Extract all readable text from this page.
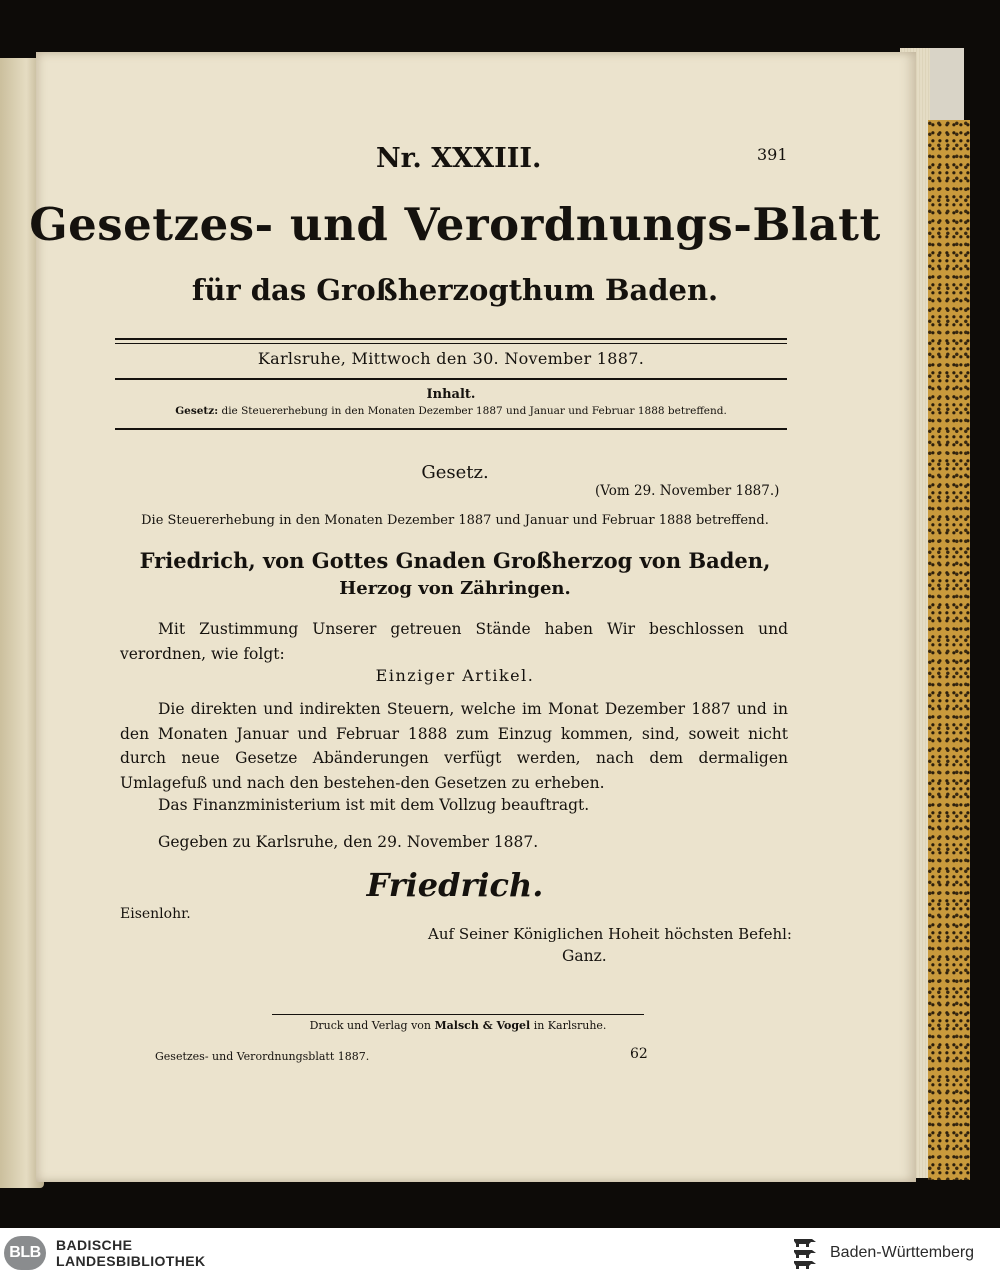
Nr. XXXIII.	391
Gesetzes- und Verordnungs-Blatt
für das Großherzogthum Baden.
Karlsruhe, Mittwoch den 30. November 1887.
Inhalt.
Gesetz: die Steuererhebung in den Monaten Dezember 1887 und Januar und Februar 1888 betreffend.
Gesetz.
(Vom 29. November 1887.)
Die Steuererhebung in den Monaten Dezember 1887 und Januar und Februar 1888 betreffend.
Friedrich, von Gottes Gnaden Großherzog von Baden,
Herzog von Zähringen.
Mit Zustimmung Unserer getreuen Stände haben Wir beschlossen und verordnen, wie folgt:
Einziger Artikel.
Die direkten und indirekten Steuern, welche im Monat Dezember 1887 und in den Monaten Januar und Februar 1888 zum Einzug kommen, sind, soweit nicht durch neue Gesetze Abänderungen verfügt werden, nach dem dermaligen Umlagefuß und nach den bestehen-den Gesetzen zu erheben.
Das Finanzministerium ist mit dem Vollzug beauftragt.
Gegeben zu Karlsruhe, den 29. November 1887.
Friedrich.
Eisenlohr.
Auf Seiner Königlichen Hoheit höchsten Befehl:
Ganz.
Druck und Verlag von Malsch & Vogel in Karlsruhe.
Gesetzes- und Verordnungsblatt 1887.	62
BLB	BADISCHE
LANDESBIBLIOTHEK	Baden-Württemberg
